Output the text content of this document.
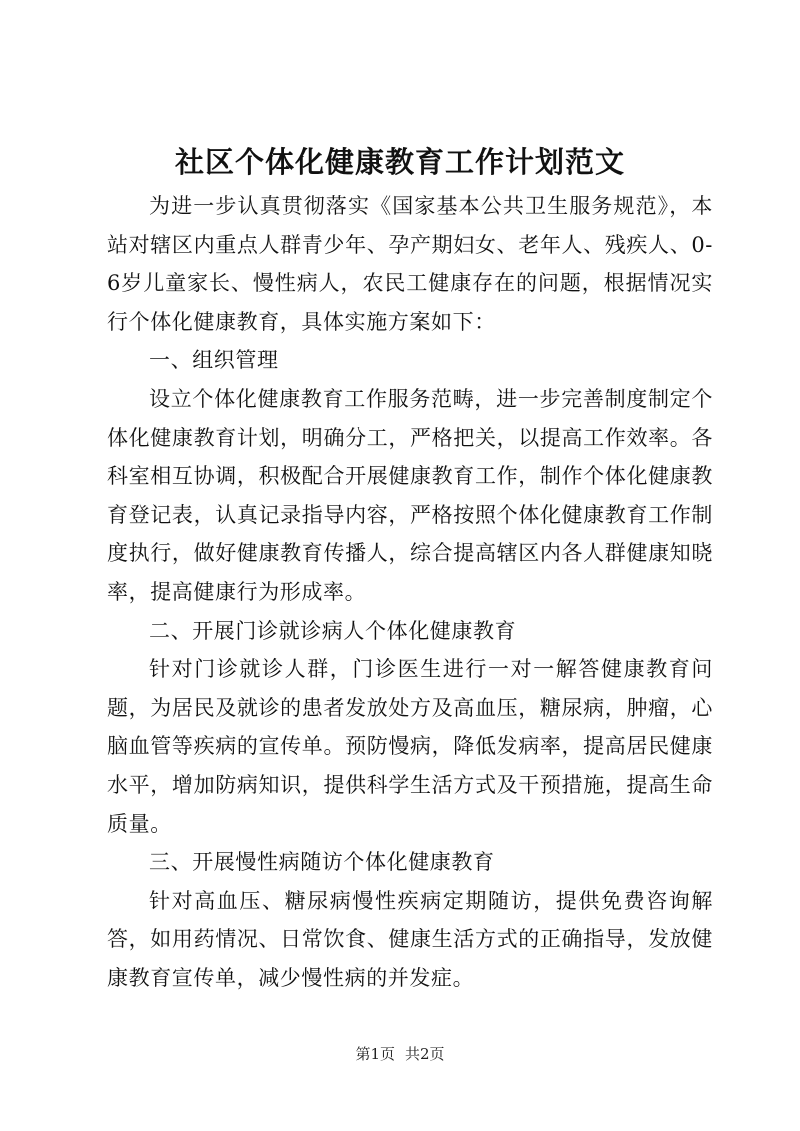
社区个体化健康教育工作计划范文

为进一步认真贯彻落实《国家基本公共卫生服务规范》，本站对辖区内重点人群青少年、孕产期妇女、老年人、残疾人、0-6岁儿童家长、慢性病人，农民工健康存在的问题，根据情况实行个体化健康教育，具体实施方案如下：

一、组织管理

设立个体化健康教育工作服务范畴，进一步完善制度制定个体化健康教育计划，明确分工，严格把关，以提高工作效率。各科室相互协调，积极配合开展健康教育工作，制作个体化健康教育登记表，认真记录指导内容，严格按照个体化健康教育工作制度执行，做好健康教育传播人，综合提高辖区内各人群健康知晓率，提高健康行为形成率。

二、开展门诊就诊病人个体化健康教育

针对门诊就诊人群，门诊医生进行一对一解答健康教育问题，为居民及就诊的患者发放处方及高血压，糖尿病，肿瘤，心脑血管等疾病的宣传单。预防慢病，降低发病率，提高居民健康水平，增加防病知识，提供科学生活方式及干预措施，提高生命质量。

三、开展慢性病随访个体化健康教育

针对高血压、糖尿病慢性疾病定期随访，提供免费咨询解答，如用药情况、日常饮食、健康生活方式的正确指导，发放健康教育宣传单，减少慢性病的并发症。

第1页 共2页
